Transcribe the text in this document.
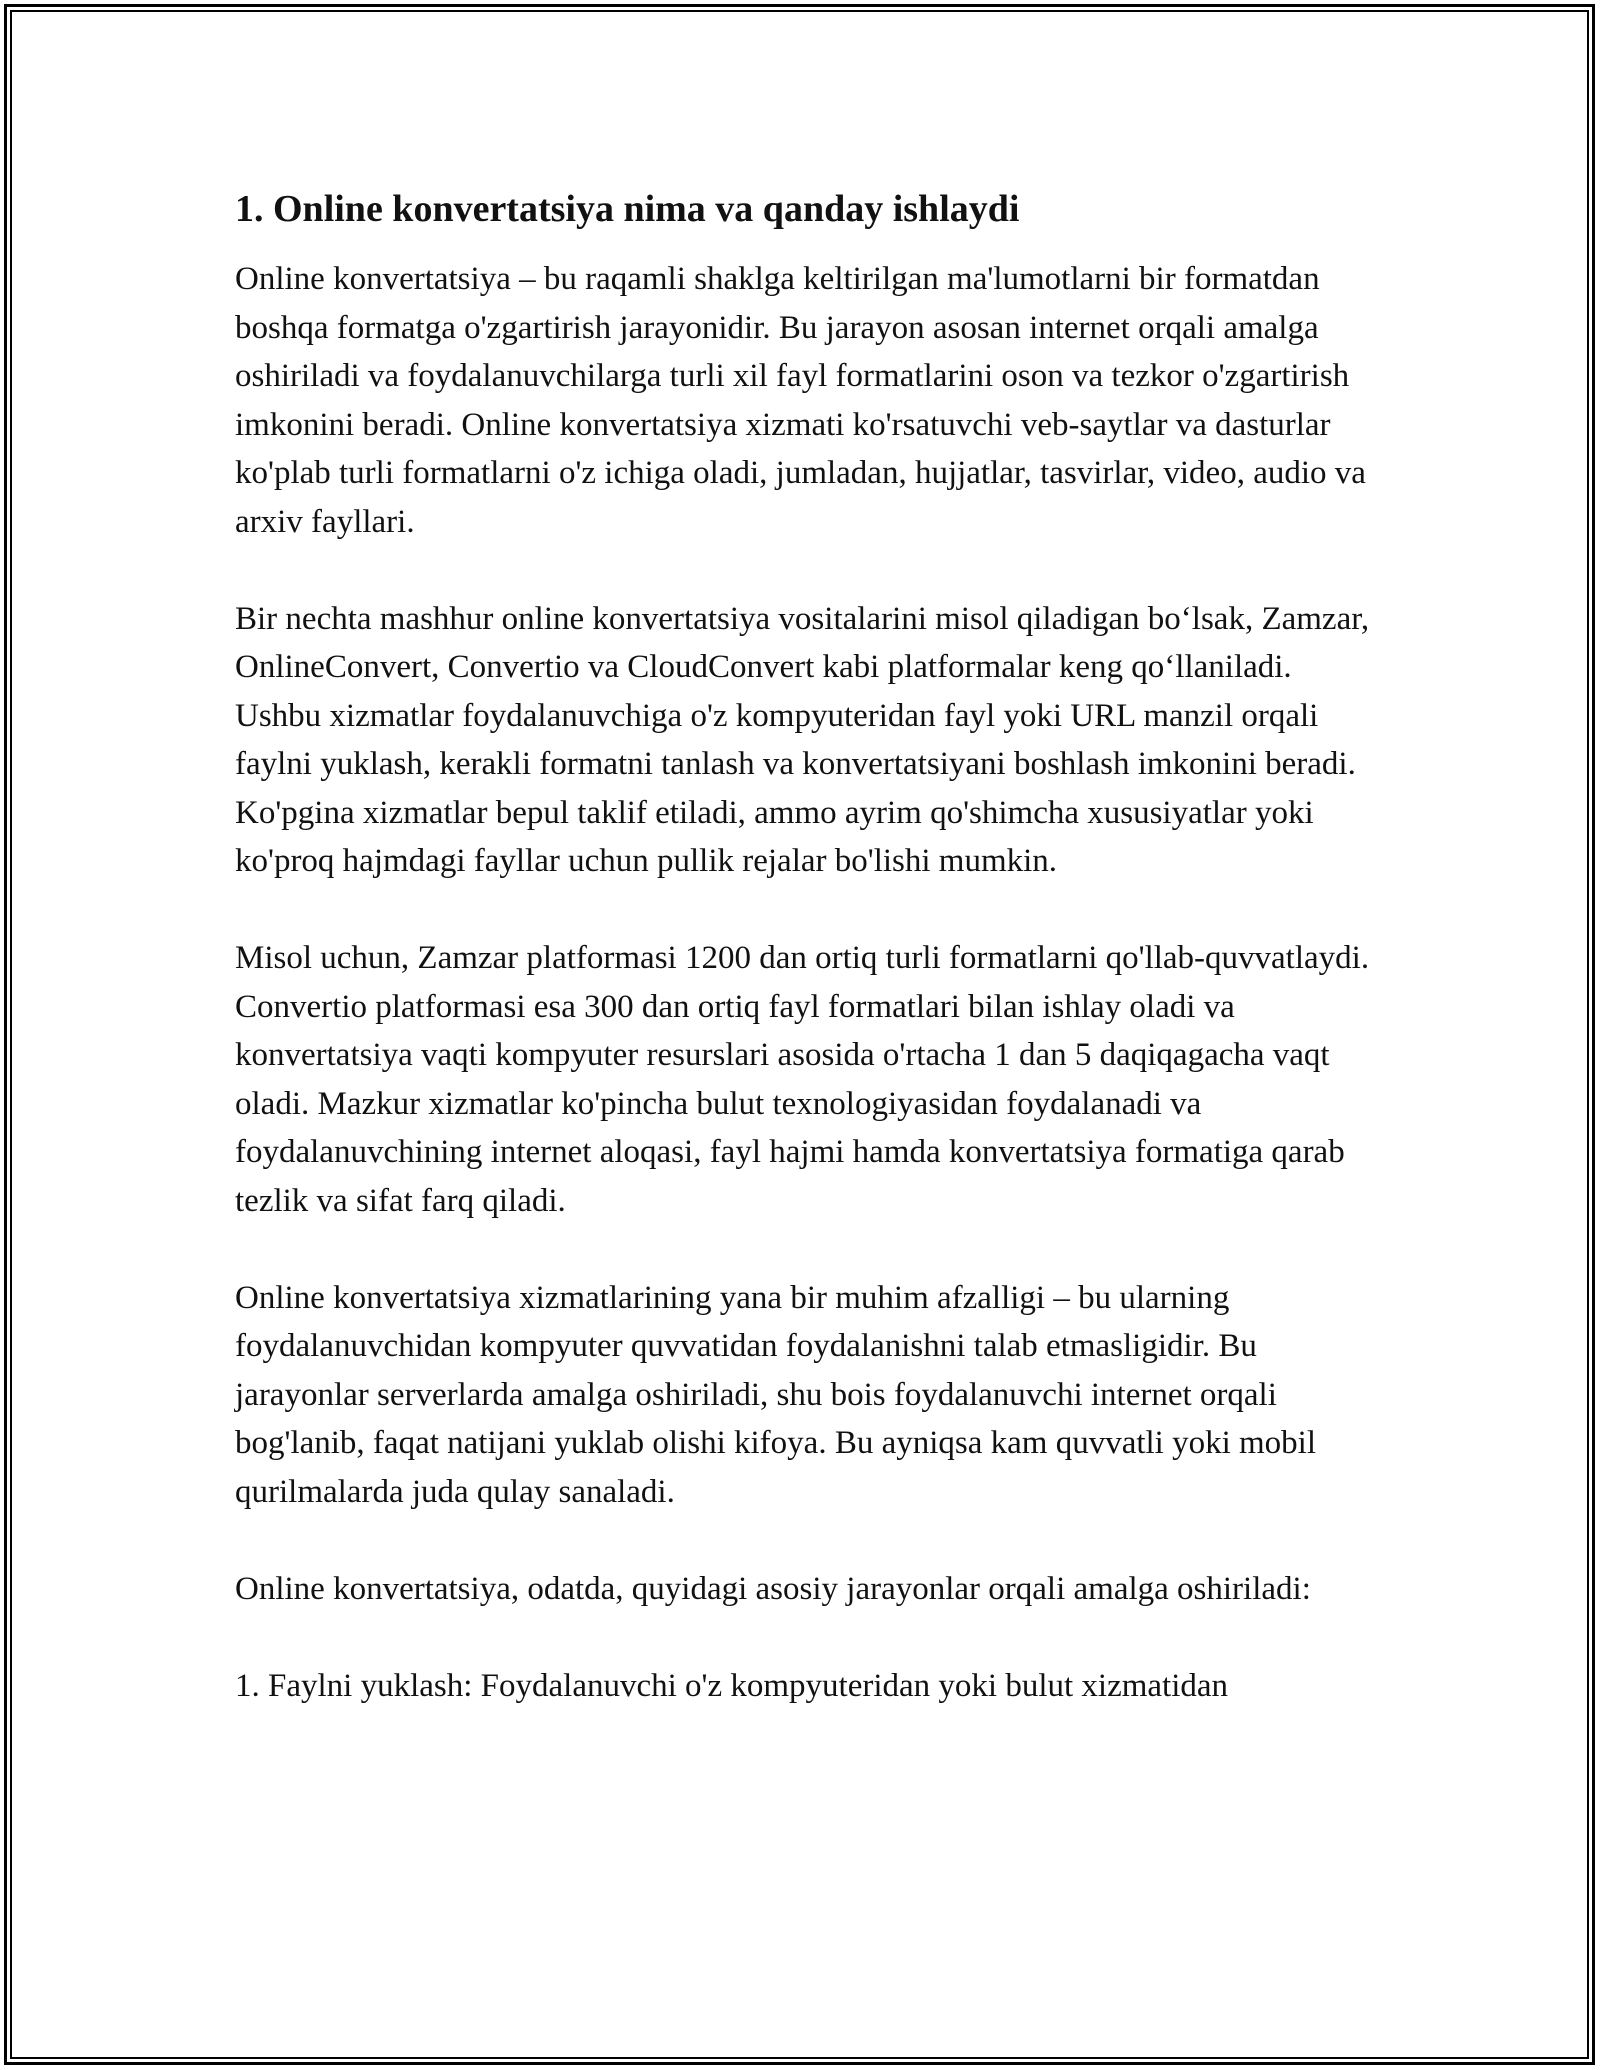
1. Online konvertatsiya nima va qanday ishlaydi

Online konvertatsiya – bu raqamli shaklga keltirilgan ma'lumotlarni bir formatdan boshqa formatga o'zgartirish jarayonidir. Bu jarayon asosan internet orqali amalga oshiriladi va foydalanuvchilarga turli xil fayl formatlarini oson va tezkor o'zgartirish imkonini beradi. Online konvertatsiya xizmati ko'rsatuvchi veb-saytlar va dasturlar ko'plab turli formatlarni o'z ichiga oladi, jumladan, hujjatlar, tasvirlar, video, audio va arxiv fayllari.

Bir nechta mashhur online konvertatsiya vositalarini misol qiladigan bo‘lsak, Zamzar, OnlineConvert, Convertio va CloudConvert kabi platformalar keng qo‘llaniladi. Ushbu xizmatlar foydalanuvchiga o'z kompyuteridan fayl yoki URL manzil orqali faylni yuklash, kerakli formatni tanlash va konvertatsiyani boshlash imkonini beradi. Ko'pgina xizmatlar bepul taklif etiladi, ammo ayrim qo'shimcha xususiyatlar yoki ko'proq hajmdagi fayllar uchun pullik rejalar bo'lishi mumkin.

Misol uchun, Zamzar platformasi 1200 dan ortiq turli formatlarni qo'llab-quvvatlaydi. Convertio platformasi esa 300 dan ortiq fayl formatlari bilan ishlay oladi va konvertatsiya vaqti kompyuter resurslari asosida o'rtacha 1 dan 5 daqiqagacha vaqt oladi. Mazkur xizmatlar ko'pincha bulut texnologiyasidan foydalanadi va foydalanuvchining internet aloqasi, fayl hajmi hamda konvertatsiya formatiga qarab tezlik va sifat farq qiladi.

Online konvertatsiya xizmatlarining yana bir muhim afzalligi – bu ularning foydalanuvchidan kompyuter quvvatidan foydalanishni talab etmasligidir. Bu jarayonlar serverlarda amalga oshiriladi, shu bois foydalanuvchi internet orqali bog'lanib, faqat natijani yuklab olishi kifoya. Bu ayniqsa kam quvvatli yoki mobil qurilmalarda juda qulay sanaladi.

Online konvertatsiya, odatda, quyidagi asosiy jarayonlar orqali amalga oshiriladi:

1. Faylni yuklash: Foydalanuvchi o'z kompyuteridan yoki bulut xizmatidan
